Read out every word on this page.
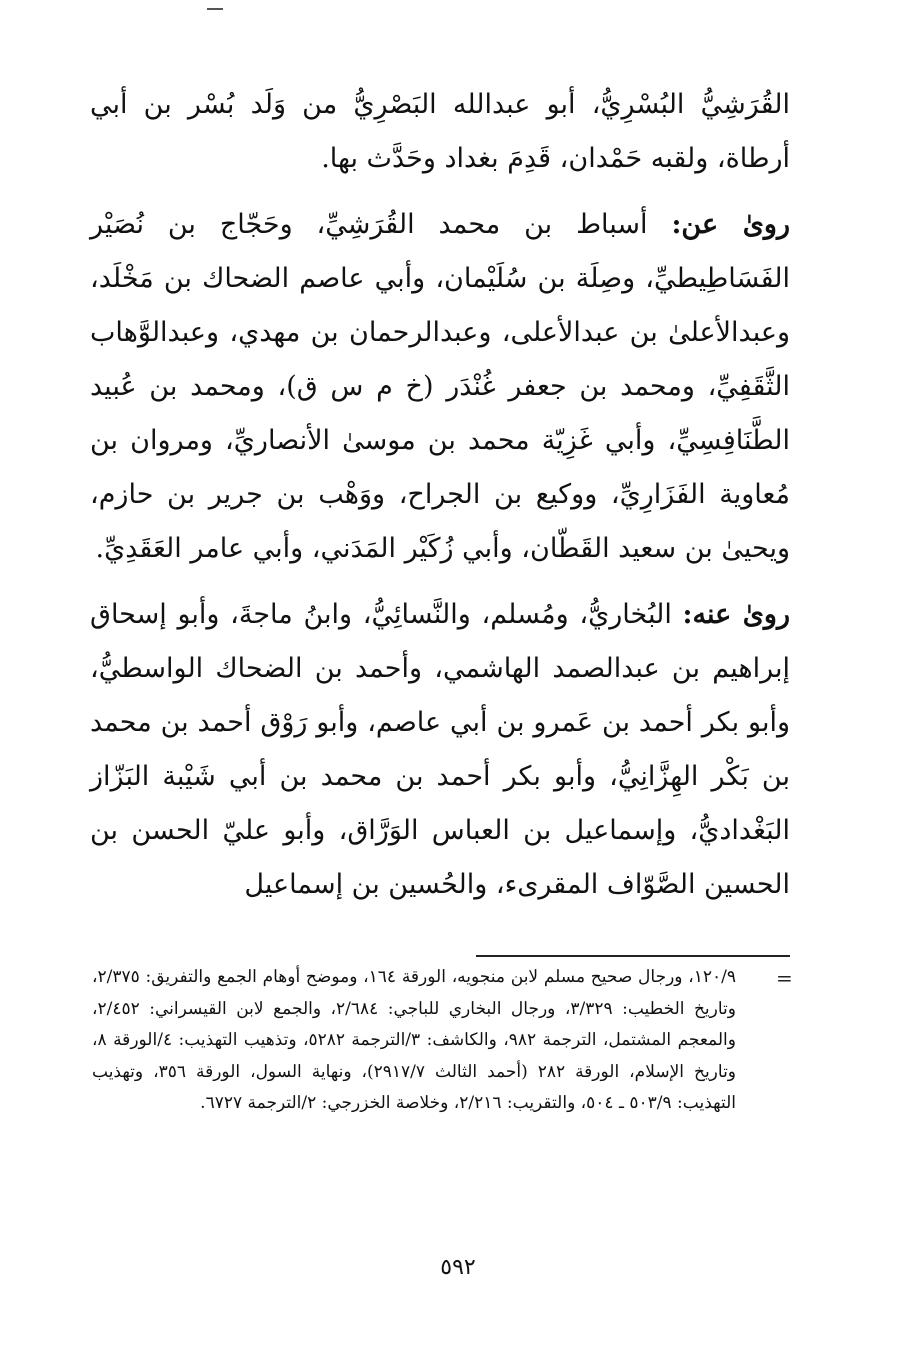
القُرَشِيُّ البُسْرِيُّ، أبو عبدالله البَصْرِيُّ من وَلَد بُسْر بن أبي أرطاة، ولقبه حَمْدان، قَدِمَ بغداد وحَدَّث بها.

روىٰ عن: أسباط بن محمد القُرَشِيِّ، وحَجّاج بن نُصَيْر الفَسَاطِيطيِّ، وصِلَة بن سُلَيْمان، وأبي عاصم الضحاك بن مَخْلَد، وعبدالأعلىٰ بن عبدالأعلى، وعبدالرحمان بن مهدي، وعبدالوَّهاب الثَّقَفِيِّ، ومحمد بن جعفر غُنْدَر (خ م س ق)، ومحمد بن عُبيد الطَّنَافِسِيِّ، وأبي غَزِيّة محمد بن موسىٰ الأنصاريِّ، ومروان بن مُعاوية الفَزَارِيِّ، ووكيع بن الجراح، ووَهْب بن جرير بن حازم، ويحيىٰ بن سعيد القَطّان، وأبي زُكَيْر المَدَني، وأبي عامر العَقَدِيِّ.

روىٰ عنه: البُخاريُّ، ومُسلم، والنَّسائِيُّ، وابنُ ماجةَ، وأبو إسحاق إبراهيم بن عبدالصمد الهاشمي، وأحمد بن الضحاك الواسطيُّ، وأبو بكر أحمد بن عَمرو بن أبي عاصم، وأبو رَوْق أحمد بن محمد بن بَكْر الهِزَّانِيُّ، وأبو بكر أحمد بن محمد بن أبي شَيْبة البَزّاز البَغْداديُّ، وإسماعيل بن العباس الوَرَّاق، وأبو عليّ الحسن بن الحسين الصَّوّاف المقرىء، والحُسين بن إسماعيل

=
١٢٠/٩، ورجال صحيح مسلم لابن منجويه، الورقة ١٦٤، وموضح أوهام الجمع والتفريق: ٢/٣٧٥، وتاريخ الخطيب: ٣/٣٢٩، ورجال البخاري للباجي: ٢/٦٨٤، والجمع لابن القيسراني: ٢/٤٥٢، والمعجم المشتمل، الترجمة ٩٨٢، والكاشف: ٣/الترجمة ٥٢٨٢، وتذهيب التهذيب: ٤/الورقة ٨، وتاريخ الإسلام، الورقة ٢٨٢ (أحمد الثالث ٢٩١٧/٧)، ونهاية السول، الورقة ٣٥٦، وتهذيب التهذيب: ٥٠٣/٩ ـ ٥٠٤، والتقريب: ٢/٢١٦، وخلاصة الخزرجي: ٢/الترجمة ٦٧٢٧.
٥٩٢
